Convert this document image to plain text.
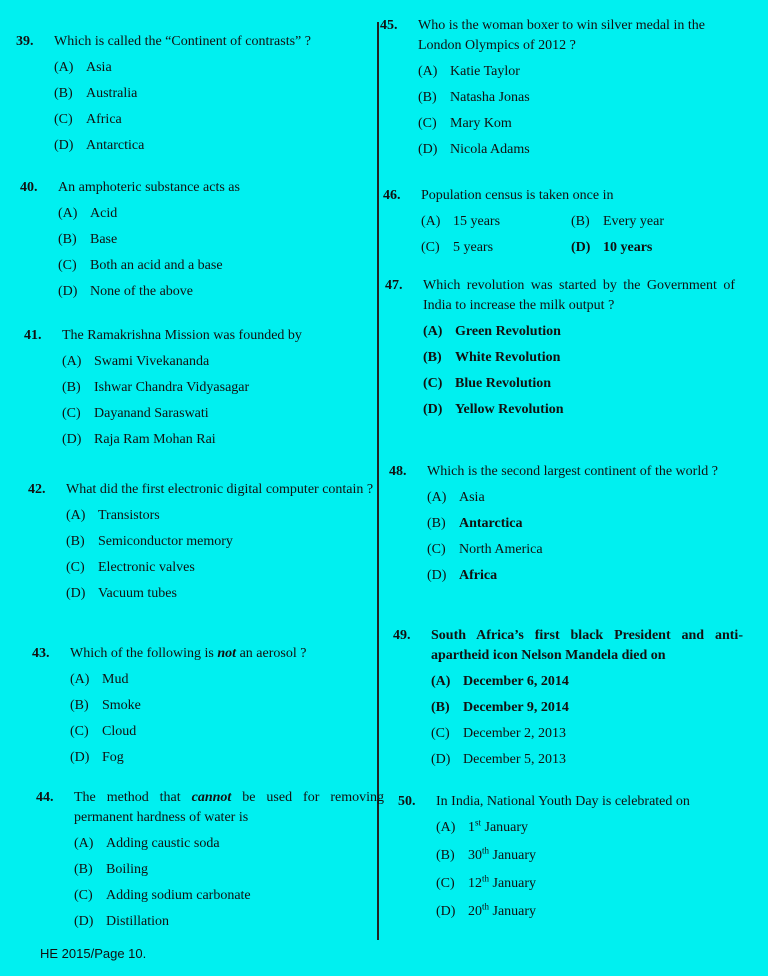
39. Which is called the “Continent of contrasts” ?
(A) Asia
(B) Australia
(C) Africa
(D) Antarctica
40. An amphoteric substance acts as
(A) Acid
(B) Base
(C) Both an acid and a base
(D) None of the above
41. The Ramakrishna Mission was founded by
(A) Swami Vivekananda
(B) Ishwar Chandra Vidyasagar
(C) Dayanand Saraswati
(D) Raja Ram Mohan Rai
42. What did the first electronic digital computer contain ?
(A) Transistors
(B) Semiconductor memory
(C) Electronic valves
(D) Vacuum tubes
43. Which of the following is not an aerosol ?
(A) Mud
(B) Smoke
(C) Cloud
(D) Fog
44. The method that cannot be used for removing permanent hardness of water is
(A) Adding caustic soda
(B) Boiling
(C) Adding sodium carbonate
(D) Distillation
45. Who is the woman boxer to win silver medal in the London Olympics of 2012 ?
(A) Katie Taylor
(B) Natasha Jonas
(C) Mary Kom
(D) Nicola Adams
46. Population census is taken once in
(A) 15 years	(B) Every year
(C) 5 years	(D) 10 years
47. Which revolution was started by the Government of India to increase the milk output ?
(A) Green Revolution
(B) White Revolution
(C) Blue Revolution
(D) Yellow Revolution
48. Which is the second largest continent of the world ?
(A) Asia
(B) Antarctica
(C) North America
(D) Africa
49. South Africa’s first black President and anti-apartheid icon Nelson Mandela died on
(A) December 6, 2014
(B) December 9, 2014
(C) December 2, 2013
(D) December 5, 2013
50. In India, National Youth Day is celebrated on
(A) 1st January
(B) 30th January
(C) 12th January
(D) 20th January
HE 2015/Page 10.
